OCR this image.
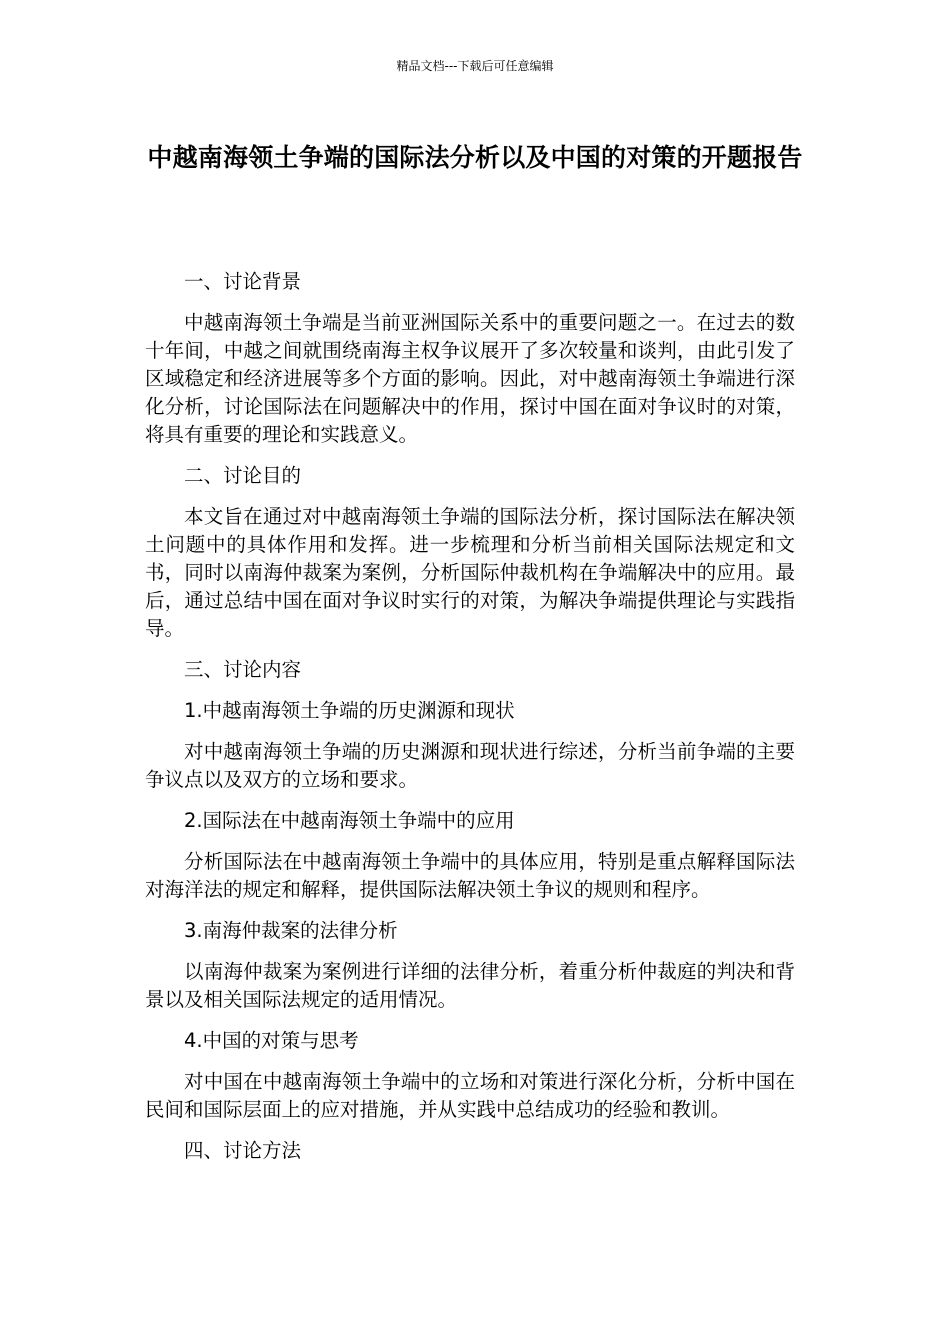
精品文档---下载后可任意编辑
中越南海领土争端的国际法分析以及中国的对策的开题报告

一、讨论背景

中越南海领土争端是当前亚洲国际关系中的重要问题之一。在过去的数十年间，中越之间就围绕南海主权争议展开了多次较量和谈判，由此引发了区域稳定和经济进展等多个方面的影响。因此，对中越南海领土争端进行深化分析，讨论国际法在问题解决中的作用，探讨中国在面对争议时的对策，将具有重要的理论和实践意义。

二、讨论目的

本文旨在通过对中越南海领土争端的国际法分析，探讨国际法在解决领土问题中的具体作用和发挥。进一步梳理和分析当前相关国际法规定和文书，同时以南海仲裁案为案例，分析国际仲裁机构在争端解决中的应用。最后，通过总结中国在面对争议时实行的对策，为解决争端提供理论与实践指导。

三、讨论内容

1.中越南海领土争端的历史渊源和现状

对中越南海领土争端的历史渊源和现状进行综述，分析当前争端的主要争议点以及双方的立场和要求。

2.国际法在中越南海领土争端中的应用

分析国际法在中越南海领土争端中的具体应用，特别是重点解释国际法对海洋法的规定和解释，提供国际法解决领土争议的规则和程序。

3.南海仲裁案的法律分析

以南海仲裁案为案例进行详细的法律分析，着重分析仲裁庭的判决和背景以及相关国际法规定的适用情况。

4.中国的对策与思考

对中国在中越南海领土争端中的立场和对策进行深化分析，分析中国在民间和国际层面上的应对措施，并从实践中总结成功的经验和教训。

四、讨论方法
